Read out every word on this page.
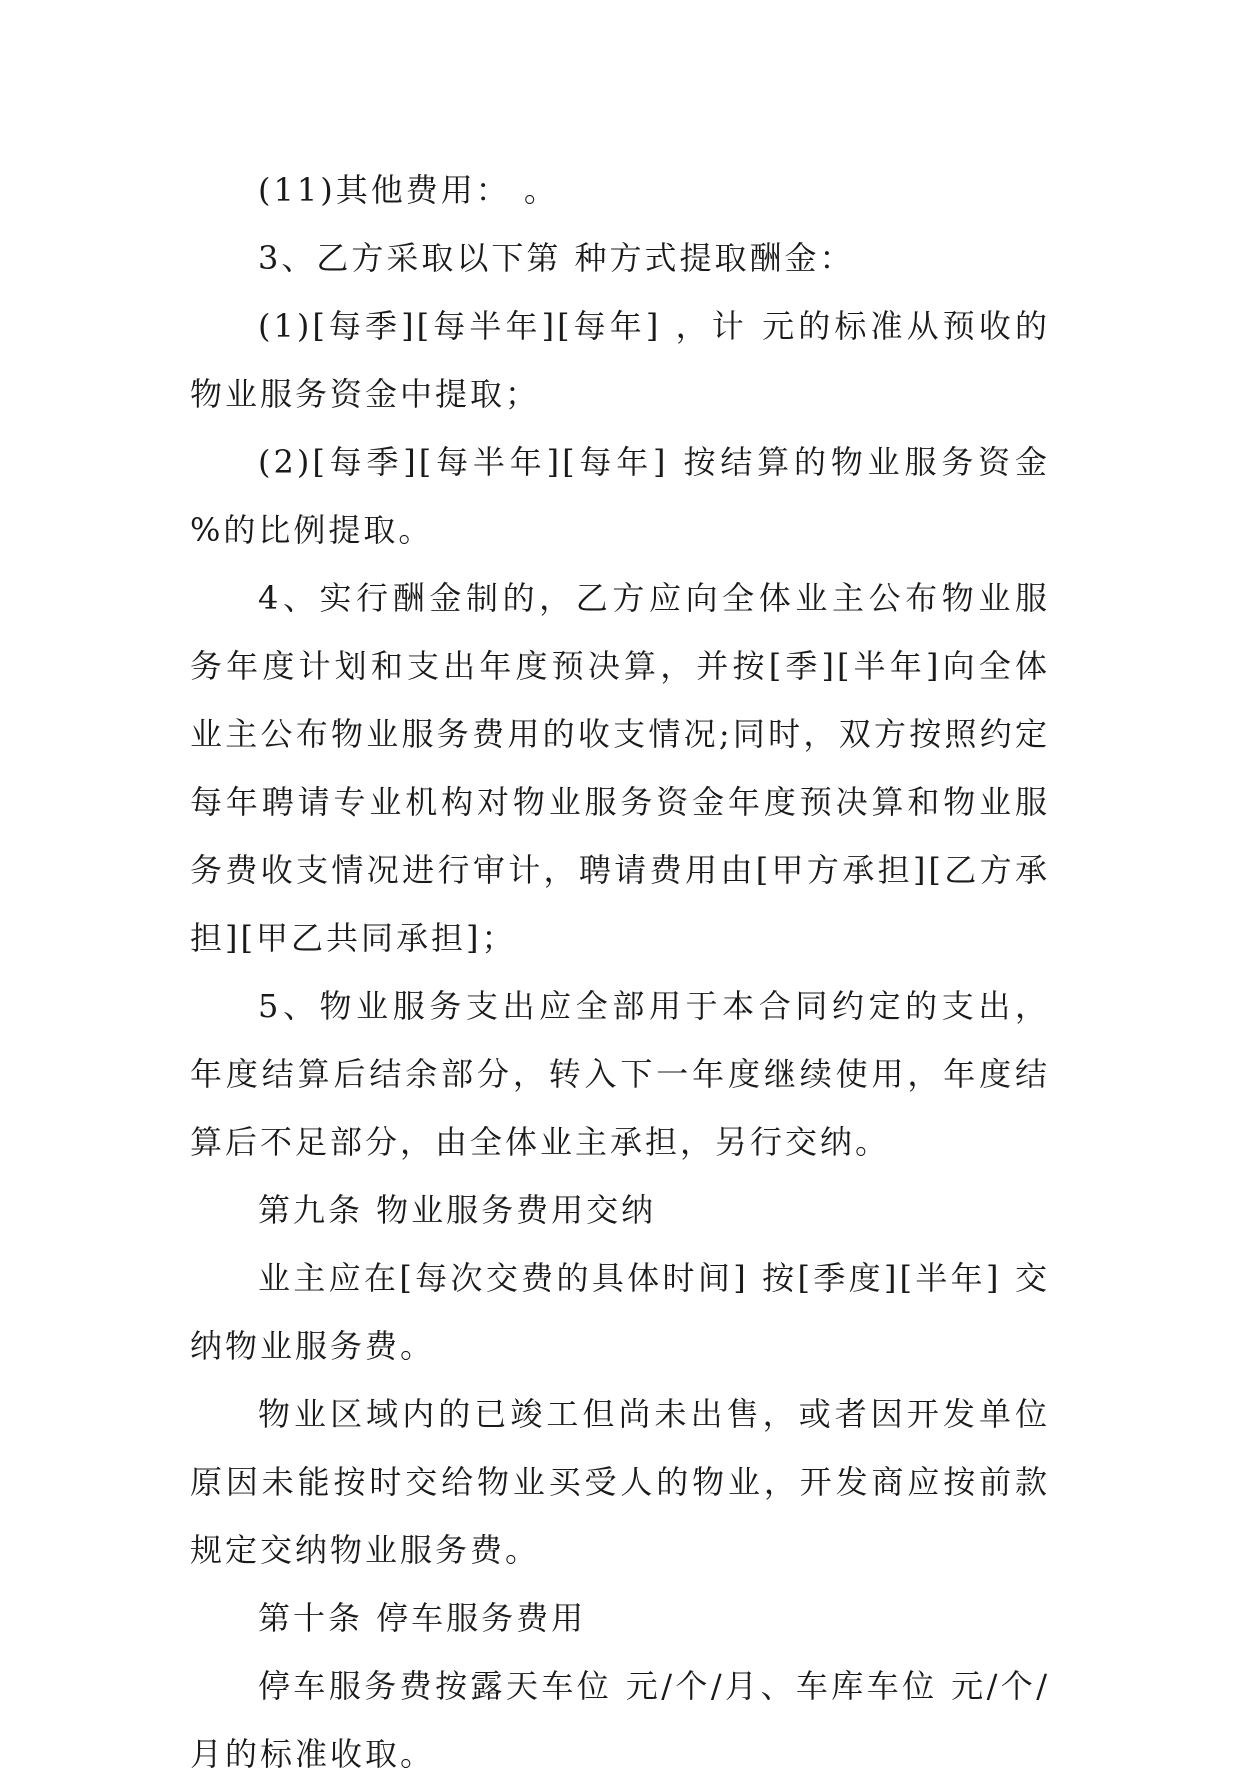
(11)其他费用： 。

3、乙方采取以下第 种方式提取酬金：

(1)[每季][每半年][每年] ，计 元的标准从预收的物业服务资金中提取；

(2)[每季][每半年][每年] 按结算的物业服务资金 %的比例提取。

4、实行酬金制的，乙方应向全体业主公布物业服务年度计划和支出年度预决算，并按[季][半年]向全体业主公布物业服务费用的收支情况;同时，双方按照约定每年聘请专业机构对物业服务资金年度预决算和物业服务费收支情况进行审计，聘请费用由[甲方承担][乙方承担][甲乙共同承担]；

5、物业服务支出应全部用于本合同约定的支出，年度结算后结余部分，转入下一年度继续使用，年度结算后不足部分，由全体业主承担，另行交纳。

第九条 物业服务费用交纳

业主应在[每次交费的具体时间] 按[季度][半年] 交纳物业服务费。

物业区域内的已竣工但尚未出售，或者因开发单位原因未能按时交给物业买受人的物业，开发商应按前款规定交纳物业服务费。

第十条 停车服务费用

停车服务费按露天车位 元/个/月、车库车位 元/个/月的标准收取。
